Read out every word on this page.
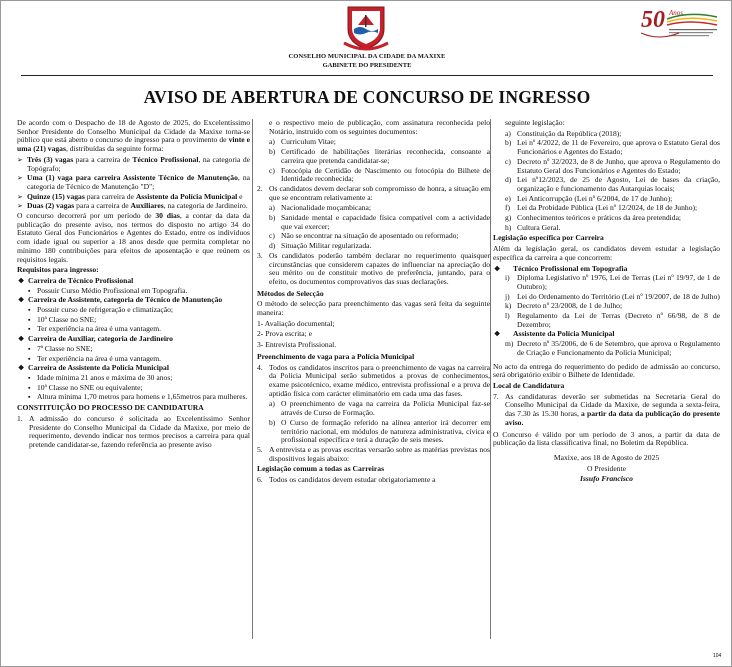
50 Anos
CONSELHO MUNICIPAL DA CIDADE DA MAXIXE
GABINETE DO PRESIDENTE
AVISO DE ABERTURA DE CONCURSO DE INGRESSO

De acordo com o Despacho de 18 de Agosto de 2025, do Excelentíssimo Senhor Presidente do Conselho Municipal da Cidade da Maxixe torna-se público que está aberto o concurso de ingresso para o provimento de vinte e uma (21) vagas, distribuídas da seguinte forma:

➢ Três (3) vagas para a carreira de Técnico Profissional, na categoria de Topógrafo;
➢ Uma (1) vaga para carreira Assistente Técnico de Manutenção, na categoria de Técnico de Manutenção "D";
➢ Quinze (15) vagas para carreira de Assistente da Polícia Municipal e
➢ Duas (2) vagas para a carreira de Auxiliares, na categoria de Jardineiro.

O concurso decorrerá por um período de 30 dias, a contar da data da publicação do presente aviso, nos termos do disposto no artigo 34 do Estatuto Geral dos Funcionários e Agentes do Estado, entre os indivíduos com idade igual ou superior a 18 anos desde que permita completar no mínimo 180 contribuições para efeitos de aposentação e que reúnem os requisitos legais.

Requisitos para ingresso:

❖ Carreira de Técnico Profissional
▪ Possuir Curso Médio Profissional em Topografia.
❖ Carreira de Assistente, categoria de Técnico de Manutenção
▪ Possuir curso de refrigeração e climatização;
▪ 10ª Classe no SNE;
▪ Ter experiência na área é uma vantagem.
❖ Carreira de Auxiliar, categoria de Jardineiro
▪ 7ª Classe no SNE;
▪ Ter experiência na área é uma vantagem.
❖ Carreira de Assistente da Polícia Municipal
▪ Idade mínima 21 anos e máxima de 30 anos;
▪ 10ª Classe no SNE ou equivalente;
▪ Altura mínima 1,70 metros para homens e 1,65metros para mulheres.

CONSTITUIÇÃO DO PROCESSO DE CANDIDATURA

1. A admissão do concurso é solicitada ao Excelentíssimo Senhor Presidente do Conselho Municipal da Cidade da Maxixe, por meio de requerimento, devendo indicar nos termos precisos a carreira para qual pretende candidatar-se, fazendo referência ao presente aviso

e o respectivo meio de publicação, com assinatura reconhecida pelo Notário, instruído com os seguintes documentos:

a) Curriculum Vitae;
b) Certificado de habilitações literárias reconhecida, consoante a carreira que pretenda candidatar-se;
c) Fotocópia de Certidão de Nascimento ou fotocópia do Bilhete de Identidade reconhecida;
2. Os candidatos devem declarar sob compromisso de honra, a situação em que se encontram relativamente a:
a) Nacionalidade moçambicana;
b) Sanidade mental e capacidade física compatível com a actividade que vai exercer;
c) Não se encontrar na situação de aposentado ou reformado;
d) Situação Militar regularizada.
3. Os candidatos poderão também declarar no requerimento quaisquer circunstâncias que considerem capazes de influenciar na apreciação do seu mérito ou de constituir motivo de preferência, juntando, para o efeito, os documentos comprovativos das suas declarações.

Métodos de Selecção

O método de selecção para preenchimento das vagas será feita da seguinte maneira:

1- Avaliação documental;

2- Prova escrita; e

3- Entrevista Profissional.

Preenchimento de vaga para a Polícia Municipal

4. Todos os candidatos inscritos para o preenchimento de vagas na carreira da Polícia Municipal serão submetidos a provas de conhecimentos, exame psicotécnico, exame médico, entrevista profissional e a prova de aptidão física com carácter eliminatório em cada uma das fases.
a) O preenchimento de vaga na carreira da Polícia Municipal faz-se através de Curso de Formação.
b) O Curso de formação referido na alínea anterior irá decorrer em território nacional, em módulos de natureza administrativa, cívica e profissional específica e terá a duração de seis meses.
5. A entrevista e as provas escritas versarão sobre as matérias previstas nos dispositivos legais abaixo:

Legislação comum a todas as Carreiras

6. Todos os candidatos devem estudar obrigatoriamente a

seguinte legislação:

a) Constituição da República (2018);
b) Lei nº 4/2022, de 11 de Fevereiro, que aprova o Estatuto Geral dos Funcionários e Agentes do Estado;
c) Decreto nº 32/2023, de 8 de Junho, que aprova o Regulamento do Estatuto Geral dos Funcionários e Agentes do Estado;
d) Lei nº12/2023, de 25 de Agosto, Lei de bases da criação, organização e funcionamento das Autarquias locais;
e) Lei Anticorrupção (Lei nº 6/2004, de 17 de Junho);
f) Lei da Probidade Pública (Lei nº 12/2024, de 18 de Junho);
g) Conhecimentos teóricos e práticos da área pretendida;
h) Cultura Geral.

Legislação específica por Carreira

Além da legislação geral, os candidatos devem estudar a legislação específica da carreira a que concorrem:

❖ Técnico Profissional em Topografia
i) Diploma Legislativo nº 1976, Lei de Terras (Lei nº 19/97, de 1 de Outubro);
j) Lei do Ordenamento do Território (Lei nº 19/2007, de 18 de Julho)
k) Decreto nº 23/2008, de 1 de Julho;
l) Regulamento da Lei de Terras (Decreto nº 66/98, de 8 de Dezembro;
❖ Assistente da Polícia Municipal
m) Decreto nº 35/2006, de 6 de Setembro, que aprova o Regulamento de Criação e Funcionamento da Polícia Municipal;

No acto da entrega do requerimento do pedido de admissão ao concurso, será obrigatório exibir o Bilhete de Identidade.

Local de Candidatura

7. As candidaturas deverão ser submetidas na Secretaria Geral do Conselho Municipal da Cidade da Maxixe, de segunda a sexta-feira, das 7.30 às 15.30 horas, a partir da data da publicação do presente aviso.

O Concurso é válido por um período de 3 anos, a partir da data de publicação da lista classificativa final, no Boletim da República.

Maxixe, aos 18 de Agosto de 2025

O Presidente

Issufo Francisco

104
